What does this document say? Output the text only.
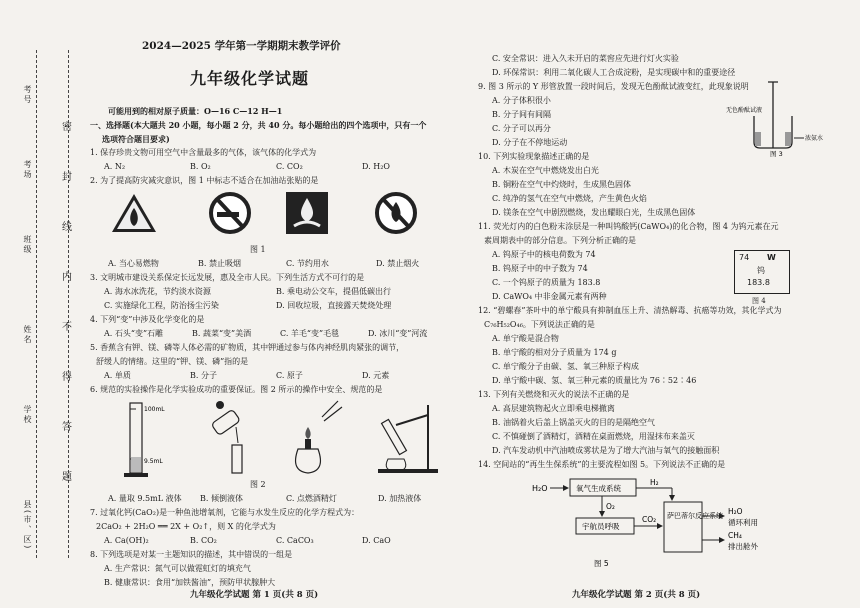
考号
考场
班级
姓名
学校
县(市、区)
密
封
线
内
不
得
答
题
2024—2025 学年第一学期期末教学评价
九年级化学试题

可能用到的相对原子质量：O—16 C—12 H—1

一、选择题(本大题共 20 小题，每小题 2 分，共 40 分。每小题给出的四个选项中，只有一个

选项符合题目要求)

1. 保存珍贵文物可用空气中含量最多的气体，该气体的化学式为

A. N₂	B. O₂	C. CO₂	D. H₂O

2. 为了提高防灾减灾意识，图 1 中标志不适合在加油站张贴的是

图 1

A. 当心易燃物	B. 禁止吸烟	C. 节约用水	D. 禁止烟火

3. 文明城市建设关系保定长远发展，惠及全市人民。下列生活方式不可行的是

A. 海水冰洗花，节约淡水资源	B. 乘电动公交车，提倡低碳出行
C. 实施绿化工程，防治扬尘污染	D. 回收垃圾，直接露天焚烧处理

4. 下列“变”中涉及化学变化的是

A. 石头“变”石雕	B. 蔬菜“变”美酒	C. 羊毛“变”毛毯	D. 冰川“变”河流

5. 香蕉含有钾、镁、磷等人体必需的矿物质，其中钾通过参与体内神经肌肉紧张的调节，

舒缓人的情绪。这里的“钾、镁、磷”指的是

A. 单质	B. 分子	C. 原子	D. 元素

6. 规范的实验操作是化学实验成功的重要保证。图 2 所示的操作中安全、规范的是

100mL
9.5mL

图 2

A. 量取 9.5mL 液体	B. 倾倒液体	C. 点燃酒精灯	D. 加热液体

7. 过氧化钙(CaO₂)是一种鱼池增氧剂，它能与水发生反应的化学方程式为：

2CaO₂ + 2H₂O ══ 2X + O₂↑，则 X 的化学式为

A. Ca(OH)₂	B. CO₂	C. CaCO₃	D. CaO

8. 下列选项是对某一主题知识的描述，其中错误的一组是

A. 生产常识：氮气可以做霓虹灯的填充气

B. 健康常识：食用“加铁酱油”，预防甲状腺肿大

九年级化学试题 第 1 页(共 8 页)

C. 安全常识：进入久未开启的菜窖应先进行灯火实验

D. 环保常识：利用二氧化碳人工合成淀粉，是实现碳中和的重要途径

9. 图 3 所示的 Y 形管放置一段时间后，发现无色酚酞试液变红，此现象说明

A. 分子体积很小

B. 分子间有间隔

C. 分子可以再分

D. 分子在不停地运动

10. 下列实验现象描述正确的是

A. 木炭在空气中燃烧发出白光

B. 铜粉在空气中灼烧时，生成黑色固体

C. 纯净的氢气在空气中燃烧，产生黄色火焰

D. 镁条在空气中剧烈燃烧，发出耀眼白光，生成黑色固体

11. 荧光灯内的白色粉末涂层是一种叫钨酸钙(CaWO₄)的化合物，图 4 为钨元素在元

素周期表中的部分信息。下列分析正确的是

A. 钨原子中的核电荷数为 74

B. 钨原子中的中子数为 74

C. 一个钨原子的质量为 183.8

D. CaWO₄ 中非金属元素有两种

12. “碧螺春”茶叶中的单宁酸具有抑制血压上升、清热解毒、抗癌等功效，其化学式为

C₇₆H₅₂O₄₆。下列说法正确的是

A. 单宁酸是混合物

B. 单宁酸的相对分子质量为 174 g

C. 单宁酸分子由碳、氢、氧三种原子构成

D. 单宁酸中碳、氢、氧三种元素的质量比为 76∶52∶46

13. 下列有关燃烧和灭火的说法不正确的是

A. 高层建筑物起火立即乘电梯撤离

B. 油锅着火后盖上锅盖灭火的目的是隔绝空气

C. 不慎碰倒了酒精灯，酒精在桌面燃烧，用湿抹布来盖灭

D. 汽车发动机中汽油喷成雾状是为了增大汽油与氧气的接触面积

14. 空间站的“再生生保系统”的主要流程如图 5。下列说法不正确的是

无色酚酞试液
浓氨水
图 3
74 W
钨
183.8
图 4
H₂O	氧气生成系统
H₂
O₂
宇航员呼吸
CO₂ 萨巴蒂尔反应系统 H₂O
循环利用
CH₄
排出舱外
图 5
九年级化学试题 第 2 页(共 8 页)
